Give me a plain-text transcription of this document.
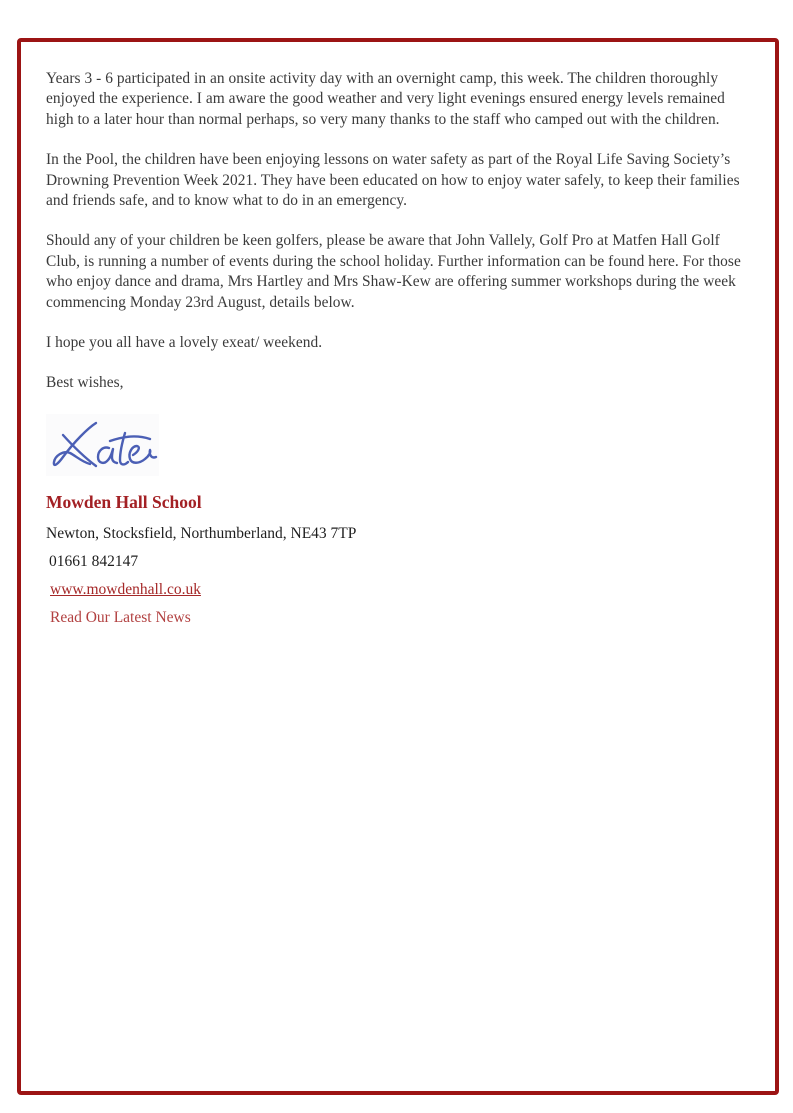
Years 3 - 6 participated in an onsite activity day with an overnight camp, this week. The children thoroughly enjoyed the experience. I am aware the good weather and very light evenings ensured energy levels remained high to a later hour than normal perhaps, so very many thanks to the staff who camped out with the children.

In the Pool, the children have been enjoying lessons on water safety as part of the Royal Life Saving Society’s Drowning Prevention Week 2021. They have been educated on how to enjoy water safely, to keep their families and friends safe, and to know what to do in an emergency.

Should any of your children be keen golfers, please be aware that John Vallely, Golf Pro at Matfen Hall Golf Club, is running a number of events during the school holiday. Further information can be found here. For those who enjoy dance and drama, Mrs Hartley and Mrs Shaw-Kew are offering summer workshops during the week commencing Monday 23rd August, details below.

I hope you all have a lovely exeat/ weekend.

Best wishes,

Mowden Hall School

Newton, Stocksfield, Northumberland, NE43 7TP

01661 842147

www.mowdenhall.co.uk

Read Our Latest News
